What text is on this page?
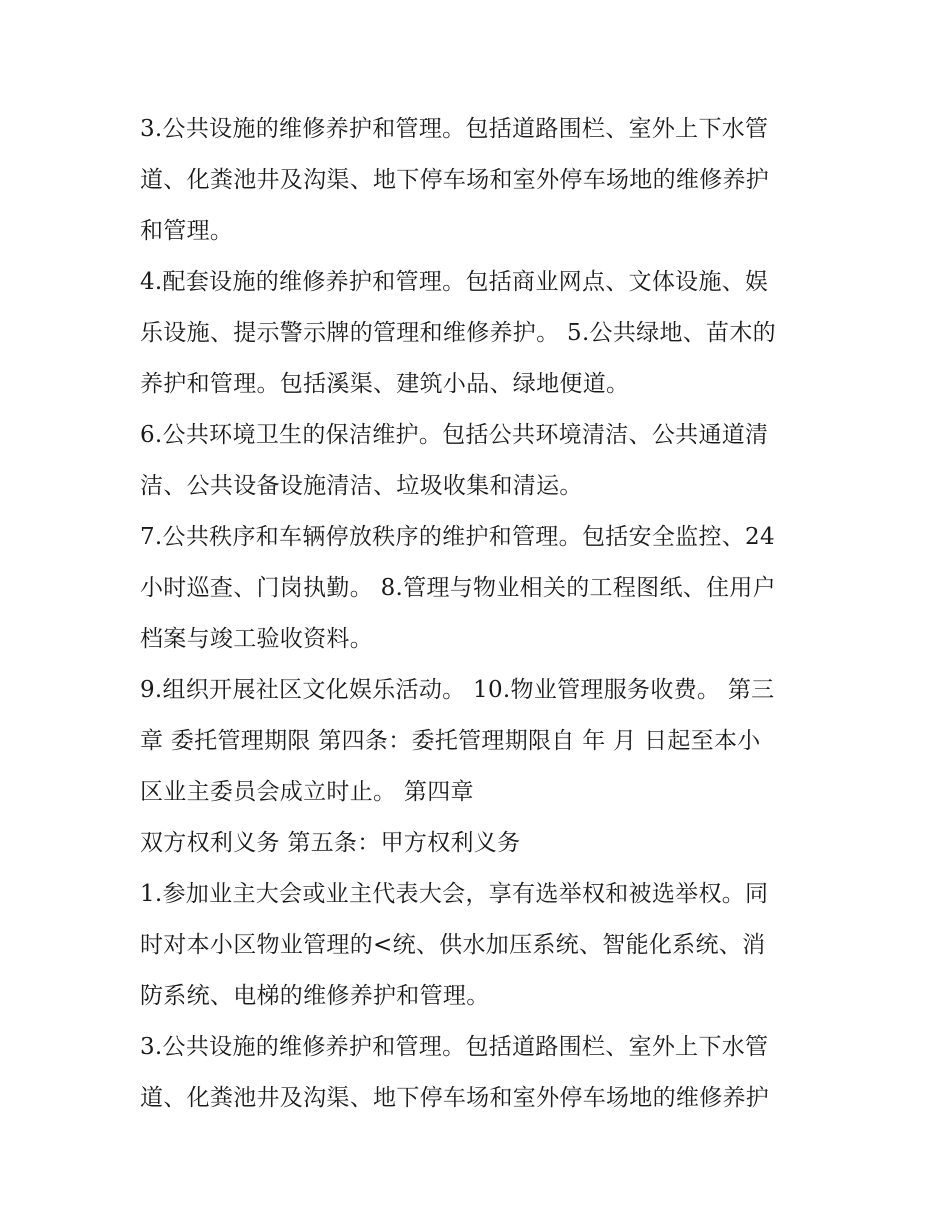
3.公共设施的维修养护和管理。包括道路围栏、室外上下水管
道、化粪池井及沟渠、地下停车场和室外停车场地的维修养护
和管理。

4.配套设施的维修养护和管理。包括商业网点、文体设施、娱
乐设施、提示警示牌的管理和维修养护。 5.公共绿地、苗木的
养护和管理。包括溪渠、建筑小品、绿地便道。

6.公共环境卫生的保洁维护。包括公共环境清洁、公共通道清
洁、公共设备设施清洁、垃圾收集和清运。

7.公共秩序和车辆停放秩序的维护和管理。包括安全监控、24
小时巡查、门岗执勤。 8.管理与物业相关的工程图纸、住用户
档案与竣工验收资料。

9.组织开展社区文化娱乐活动。 10.物业管理服务收费。 第三
章 委托管理期限 第四条：委托管理期限自 年 月 日起至本小
区业主委员会成立时止。 第四章

双方权利义务 第五条：甲方权利义务

1.参加业主大会或业主代表大会，享有选举权和被选举权。同
时对本小区物业管理的<统、供水加压系统、智能化系统、消
防系统、电梯的维修养护和管理。

3.公共设施的维修养护和管理。包括道路围栏、室外上下水管
道、化粪池井及沟渠、地下停车场和室外停车场地的维修养护
